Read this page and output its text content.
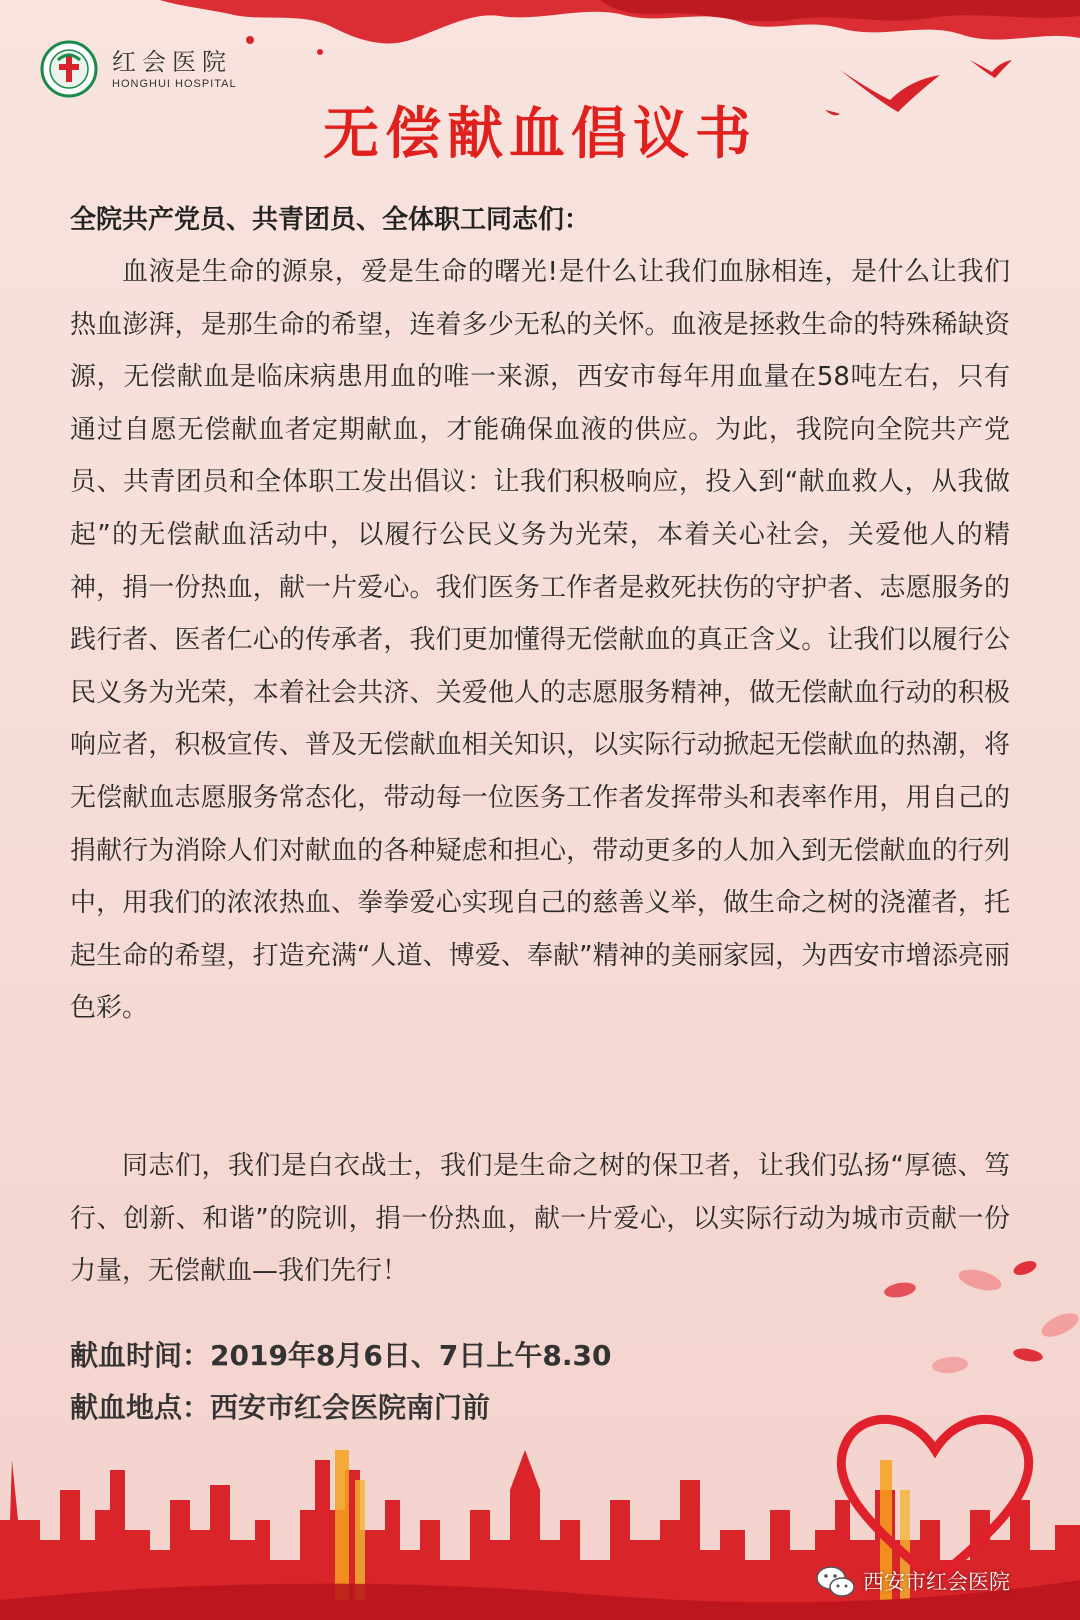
红会医院
HONGHUI HOSPITAL
无偿献血倡议书
全院共产党员、共青团员、全体职工同志们：

血液是生命的源泉，爱是生命的曙光!是什么让我们血脉相连，是什么让我们热血澎湃，是那生命的希望，连着多少无私的关怀。血液是拯救生命的特殊稀缺资源，无偿献血是临床病患用血的唯一来源，西安市每年用血量在58吨左右，只有通过自愿无偿献血者定期献血，才能确保血液的供应。为此，我院向全院共产党员、共青团员和全体职工发出倡议：让我们积极响应，投入到“献血救人，从我做起”的无偿献血活动中，以履行公民义务为光荣，本着关心社会，关爱他人的精神，捐一份热血，献一片爱心。我们医务工作者是救死扶伤的守护者、志愿服务的践行者、医者仁心的传承者，我们更加懂得无偿献血的真正含义。让我们以履行公民义务为光荣，本着社会共济、关爱他人的志愿服务精神，做无偿献血行动的积极响应者，积极宣传、普及无偿献血相关知识，以实际行动掀起无偿献血的热潮，将无偿献血志愿服务常态化，带动每一位医务工作者发挥带头和表率作用，用自己的捐献行为消除人们对献血的各种疑虑和担心，带动更多的人加入到无偿献血的行列中，用我们的浓浓热血、拳拳爱心实现自己的慈善义举，做生命之树的浇灌者，托起生命的希望，打造充满“人道、博爱、奉献”精神的美丽家园，为西安市增添亮丽色彩。

同志们，我们是白衣战士，我们是生命之树的保卫者，让我们弘扬“厚德、笃行、创新、和谐”的院训，捐一份热血，献一片爱心，以实际行动为城市贡献一份力量，无偿献血—我们先行！

献血时间：2019年8月6日、7日上午8.30
献血地点：西安市红会医院南门前
西安市红会医院
